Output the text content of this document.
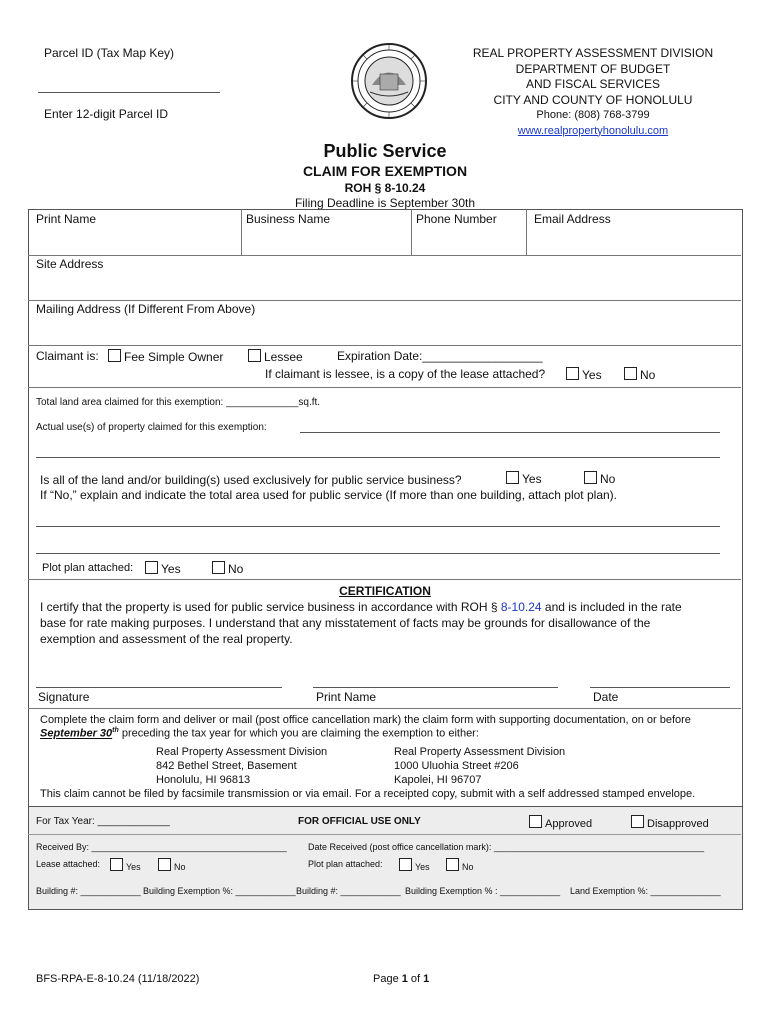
Parcel ID (Tax Map Key)
Enter 12-digit Parcel ID
REAL PROPERTY ASSESSMENT DIVISION
DEPARTMENT OF BUDGET
AND FISCAL SERVICES
CITY AND COUNTY OF HONOLULU
Phone: (808) 768-3799
www.realpropertyhonolulu.com
Public Service
CLAIM FOR EXEMPTION
ROH § 8-10.24
Filing Deadline is September 30th
Print Name	Business Name	Phone Number	Email Address
Site Address
Mailing Address (If Different From Above)
Claimant is:	Fee Simple Owner	Lessee	Expiration Date:__________________
If claimant is lessee, is a copy of the lease attached?	Yes	No
Total land area claimed for this exemption: _____________sq.ft.
Actual use(s) of property claimed for this exemption:
Is all of the land and/or building(s) used exclusively for public service business?	Yes	No
If “No,” explain and indicate the total area used for public service (If more than one building, attach plot plan).
Plot plan attached:	Yes	No
CERTIFICATION
I certify that the property is used for public service business in accordance with ROH § 8-10.24 and is included in the rate base for rate making purposes. I understand that any misstatement of facts may be grounds for disallowance of the exemption and assessment of the real property.
Signature	Print Name	Date
Complete the claim form and deliver or mail (post office cancellation mark) the claim form with supporting documentation, on or before
September 30th preceding the tax year for which you are claiming the exemption to either:
Real Property Assessment Division
842 Bethel Street, Basement
Honolulu, HI 96813
Real Property Assessment Division
1000 Uluohia Street #206
Kapolei, HI 96707
This claim cannot be filed by facsimile transmission or via email. For a receipted copy, submit with a self addressed stamped envelope.
For Tax Year: _____________	FOR OFFICIAL USE ONLY	Approved	Disapproved
Received By: _______________________________________ Date Received (post office cancellation mark): __________________________________________
Lease attached:	Yes	No	Plot plan attached:	Yes	No
Building #: ____________ Building Exemption %: ____________ Building #: ____________ Building Exemption % : ____________ Land Exemption %: ______________
BFS-RPA-E-8-10.24 (11/18/2022)	Page 1 of 1
